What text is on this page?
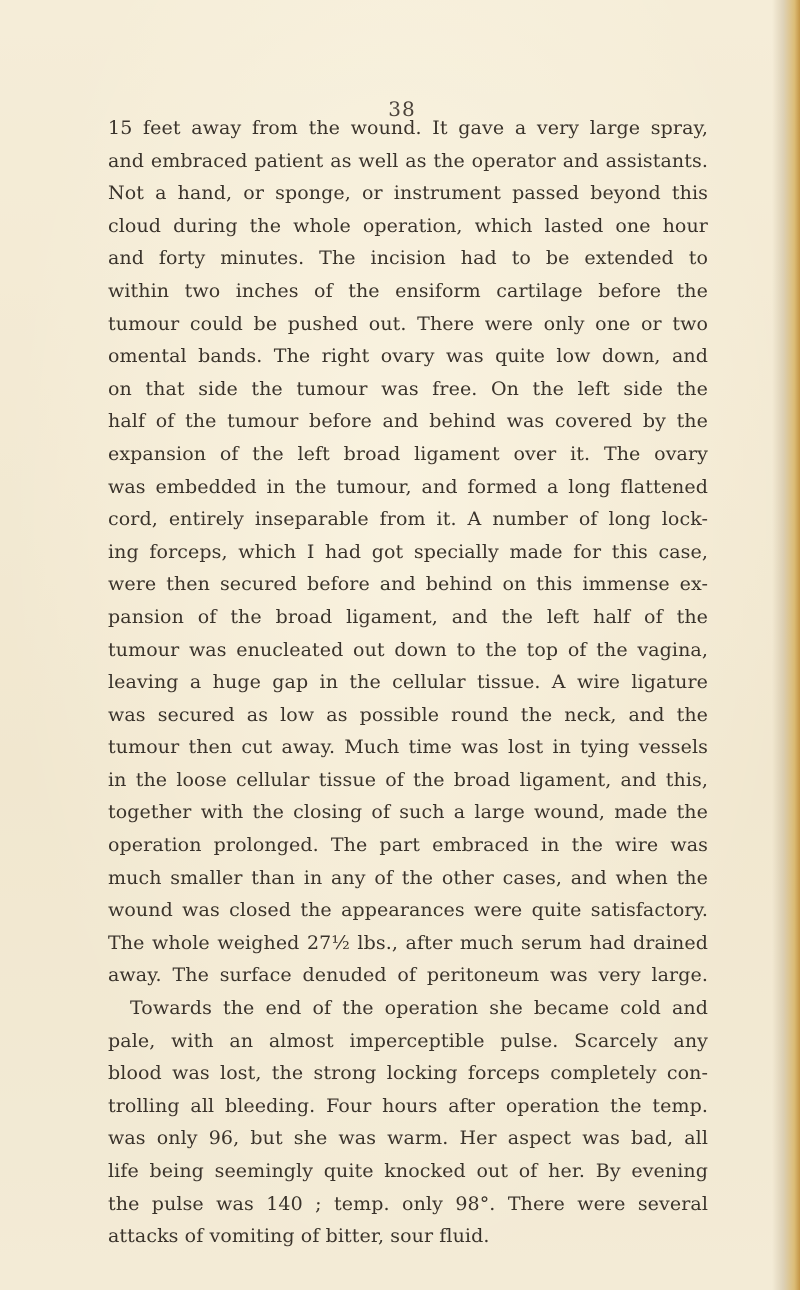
38
15 feet away from the wound. It gave a very large spray,
and embraced patient as well as the operator and assistants.
Not a hand, or sponge, or instrument passed beyond this
cloud during the whole operation, which lasted one hour
and forty minutes. The incision had to be extended to
within two inches of the ensiform cartilage before the
tumour could be pushed out. There were only one or two
omental bands. The right ovary was quite low down, and
on that side the tumour was free. On the left side the
half of the tumour before and behind was covered by the
expansion of the left broad ligament over it. The ovary
was embedded in the tumour, and formed a long flattened
cord, entirely inseparable from it. A number of long lock-
ing forceps, which I had got specially made for this case,
were then secured before and behind on this immense ex-
pansion of the broad ligament, and the left half of the
tumour was enucleated out down to the top of the vagina,
leaving a huge gap in the cellular tissue. A wire ligature
was secured as low as possible round the neck, and the
tumour then cut away. Much time was lost in tying vessels
in the loose cellular tissue of the broad ligament, and this,
together with the closing of such a large wound, made the
operation prolonged. The part embraced in the wire was
much smaller than in any of the other cases, and when the
wound was closed the appearances were quite satisfactory.
The whole weighed 27½ lbs., after much serum had drained
away. The surface denuded of peritoneum was very large.
Towards the end of the operation she became cold and
pale, with an almost imperceptible pulse. Scarcely any
blood was lost, the strong locking forceps completely con-
trolling all bleeding. Four hours after operation the temp.
was only 96, but she was warm. Her aspect was bad, all
life being seemingly quite knocked out of her. By evening
the pulse was 140 ; temp. only 98°. There were several
attacks of vomiting of bitter, sour fluid.
